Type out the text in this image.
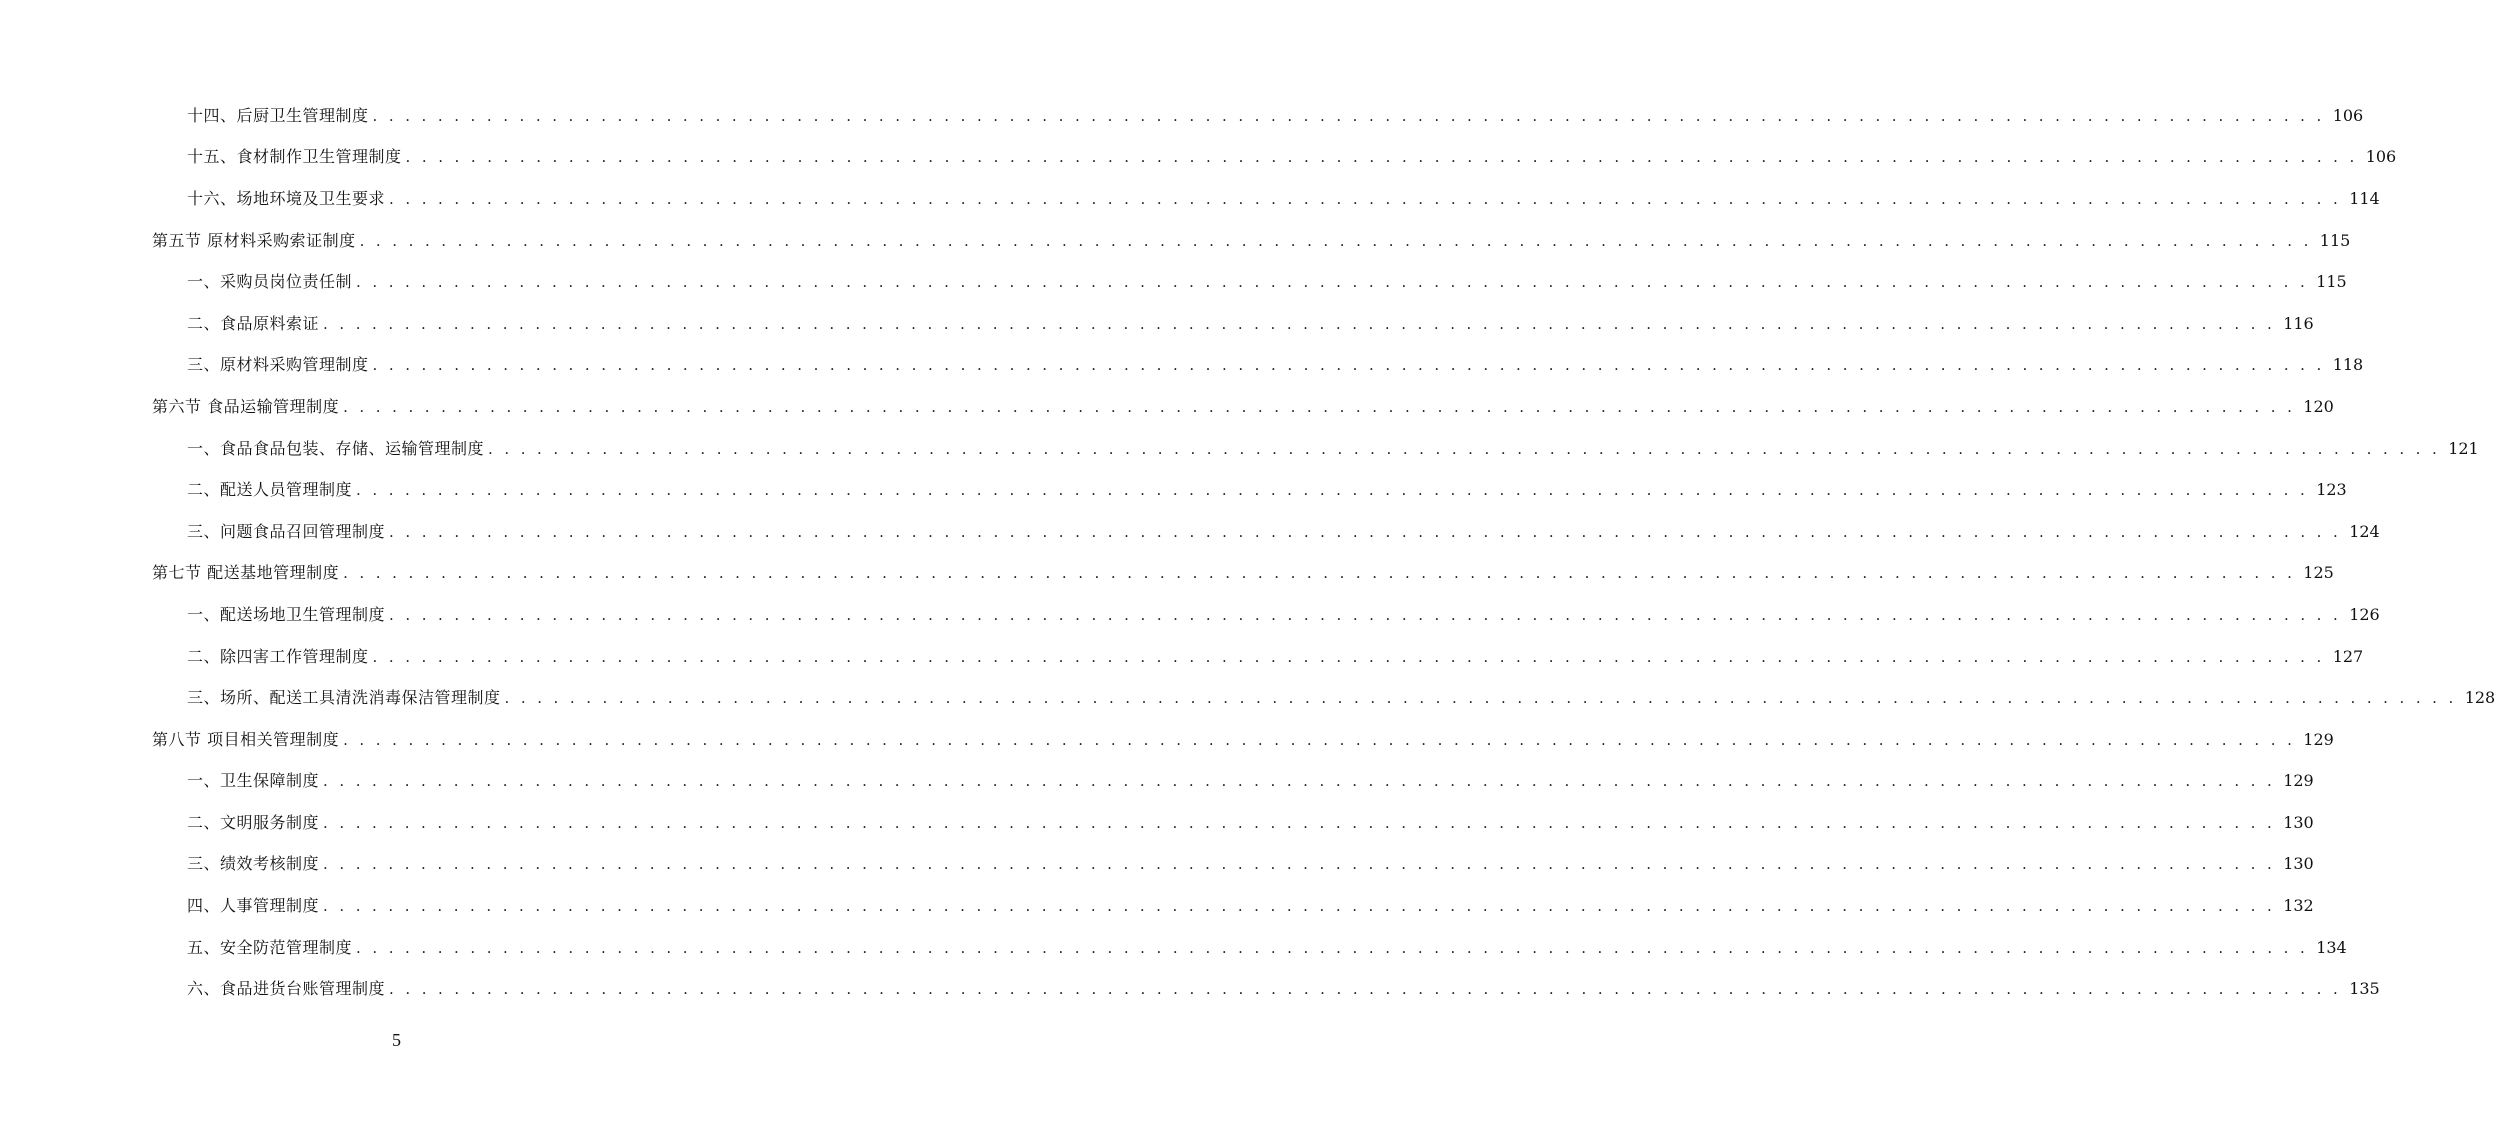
十四、后厨卫生管理制度 . . . . . . . . . . . . . . . . . . . . . . . . . . . . . . . . . . . . . . . . . . . . . . . . . . . . . . . . . . . . . . . . . . . . . . . . . . . . . . . . . . . . . . . . . . . . . . . . . . . . . . . . . . . . . . . . . . . . . . . . 106
十五、食材制作卫生管理制度 . . . . . . . . . . . . . . . . . . . . . . . . . . . . . . . . . . . . . . . . . . . . . . . . . . . . . . . . . . . . . . . . . . . . . . . . . . . . . . . . . . . . . . . . . . . . . . . . . . . . . . . . . . . . . . . . . . . . . . . . 106
十六、场地环境及卫生要求 . . . . . . . . . . . . . . . . . . . . . . . . . . . . . . . . . . . . . . . . . . . . . . . . . . . . . . . . . . . . . . . . . . . . . . . . . . . . . . . . . . . . . . . . . . . . . . . . . . . . . . . . . . . . . . . . . . . . . . . . 114
第五节 原材料采购索证制度 . . . . . . . . . . . . . . . . . . . . . . . . . . . . . . . . . . . . . . . . . . . . . . . . . . . . . . . . . . . . . . . . . . . . . . . . . . . . . . . . . . . . . . . . . . . . . . . . . . . . . . . . . . . . . . . . . . . . . . . . 115
一、采购员岗位责任制 . . . . . . . . . . . . . . . . . . . . . . . . . . . . . . . . . . . . . . . . . . . . . . . . . . . . . . . . . . . . . . . . . . . . . . . . . . . . . . . . . . . . . . . . . . . . . . . . . . . . . . . . . . . . . . . . . . . . . . . . 115
二、食品原料索证 . . . . . . . . . . . . . . . . . . . . . . . . . . . . . . . . . . . . . . . . . . . . . . . . . . . . . . . . . . . . . . . . . . . . . . . . . . . . . . . . . . . . . . . . . . . . . . . . . . . . . . . . . . . . . . . . . . . . . . . . 116
三、原材料采购管理制度 . . . . . . . . . . . . . . . . . . . . . . . . . . . . . . . . . . . . . . . . . . . . . . . . . . . . . . . . . . . . . . . . . . . . . . . . . . . . . . . . . . . . . . . . . . . . . . . . . . . . . . . . . . . . . . . . . . . . . . . . 118
第六节 食品运输管理制度 . . . . . . . . . . . . . . . . . . . . . . . . . . . . . . . . . . . . . . . . . . . . . . . . . . . . . . . . . . . . . . . . . . . . . . . . . . . . . . . . . . . . . . . . . . . . . . . . . . . . . . . . . . . . . . . . . . . . . . . . 120
一、食品食品包装、存储、运输管理制度 . . . . . . . . . . . . . . . . . . . . . . . . . . . . . . . . . . . . . . . . . . . . . . . . . . . . . . . . . . . . . . . . . . . . . . . . . . . . . . . . . . . . . . . . . . . . . . . . . . . . . . . . . . . . . . . . . . . . . . . . 121
二、配送人员管理制度 . . . . . . . . . . . . . . . . . . . . . . . . . . . . . . . . . . . . . . . . . . . . . . . . . . . . . . . . . . . . . . . . . . . . . . . . . . . . . . . . . . . . . . . . . . . . . . . . . . . . . . . . . . . . . . . . . . . . . . . . 123
三、问题食品召回管理制度 . . . . . . . . . . . . . . . . . . . . . . . . . . . . . . . . . . . . . . . . . . . . . . . . . . . . . . . . . . . . . . . . . . . . . . . . . . . . . . . . . . . . . . . . . . . . . . . . . . . . . . . . . . . . . . . . . . . . . . . . 124
第七节 配送基地管理制度 . . . . . . . . . . . . . . . . . . . . . . . . . . . . . . . . . . . . . . . . . . . . . . . . . . . . . . . . . . . . . . . . . . . . . . . . . . . . . . . . . . . . . . . . . . . . . . . . . . . . . . . . . . . . . . . . . . . . . . . . 125
一、配送场地卫生管理制度 . . . . . . . . . . . . . . . . . . . . . . . . . . . . . . . . . . . . . . . . . . . . . . . . . . . . . . . . . . . . . . . . . . . . . . . . . . . . . . . . . . . . . . . . . . . . . . . . . . . . . . . . . . . . . . . . . . . . . . . . 126
二、除四害工作管理制度 . . . . . . . . . . . . . . . . . . . . . . . . . . . . . . . . . . . . . . . . . . . . . . . . . . . . . . . . . . . . . . . . . . . . . . . . . . . . . . . . . . . . . . . . . . . . . . . . . . . . . . . . . . . . . . . . . . . . . . . . 127
三、场所、配送工具清洗消毒保洁管理制度 . . . . . . . . . . . . . . . . . . . . . . . . . . . . . . . . . . . . . . . . . . . . . . . . . . . . . . . . . . . . . . . . . . . . . . . . . . . . . . . . . . . . . . . . . . . . . . . . . . . . . . . . . . . . . . . . . . . . . . . . 128
第八节 项目相关管理制度 . . . . . . . . . . . . . . . . . . . . . . . . . . . . . . . . . . . . . . . . . . . . . . . . . . . . . . . . . . . . . . . . . . . . . . . . . . . . . . . . . . . . . . . . . . . . . . . . . . . . . . . . . . . . . . . . . . . . . . . . 129
一、卫生保障制度 . . . . . . . . . . . . . . . . . . . . . . . . . . . . . . . . . . . . . . . . . . . . . . . . . . . . . . . . . . . . . . . . . . . . . . . . . . . . . . . . . . . . . . . . . . . . . . . . . . . . . . . . . . . . . . . . . . . . . . . . 129
二、文明服务制度 . . . . . . . . . . . . . . . . . . . . . . . . . . . . . . . . . . . . . . . . . . . . . . . . . . . . . . . . . . . . . . . . . . . . . . . . . . . . . . . . . . . . . . . . . . . . . . . . . . . . . . . . . . . . . . . . . . . . . . . . 130
三、绩效考核制度 . . . . . . . . . . . . . . . . . . . . . . . . . . . . . . . . . . . . . . . . . . . . . . . . . . . . . . . . . . . . . . . . . . . . . . . . . . . . . . . . . . . . . . . . . . . . . . . . . . . . . . . . . . . . . . . . . . . . . . . . 130
四、人事管理制度 . . . . . . . . . . . . . . . . . . . . . . . . . . . . . . . . . . . . . . . . . . . . . . . . . . . . . . . . . . . . . . . . . . . . . . . . . . . . . . . . . . . . . . . . . . . . . . . . . . . . . . . . . . . . . . . . . . . . . . . . 132
五、安全防范管理制度 . . . . . . . . . . . . . . . . . . . . . . . . . . . . . . . . . . . . . . . . . . . . . . . . . . . . . . . . . . . . . . . . . . . . . . . . . . . . . . . . . . . . . . . . . . . . . . . . . . . . . . . . . . . . . . . . . . . . . . . . 134
六、食品进货台账管理制度 . . . . . . . . . . . . . . . . . . . . . . . . . . . . . . . . . . . . . . . . . . . . . . . . . . . . . . . . . . . . . . . . . . . . . . . . . . . . . . . . . . . . . . . . . . . . . . . . . . . . . . . . . . . . . . . . . . . . . . . . 135
5
